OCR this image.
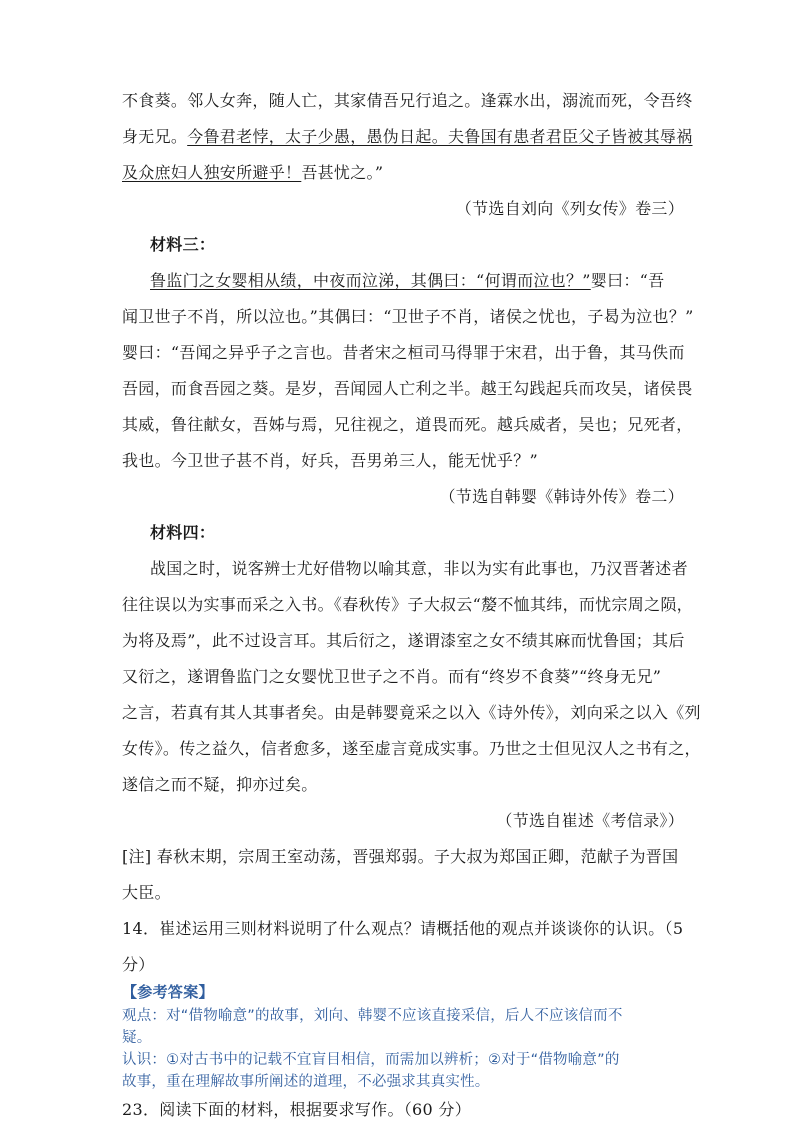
不食葵。邻人女奔，随人亡，其家倩吾兄行追之。逢霖水出，溺流而死，令吾终
身无兄。今鲁君老悖，太子少愚，愚伪日起。夫鲁国有患者君臣父子皆被其辱祸
及众庶妇人独安所避乎！吾甚忧之。”
（节选自刘向《列女传》卷三）
材料三：
鲁监门之女婴相从绩，中夜而泣涕，其偶曰：“何谓而泣也？”婴曰：“吾
闻卫世子不肖，所以泣也。”其偶曰：“卫世子不肖，诸侯之忧也，子曷为泣也？”
婴曰：“吾闻之异乎子之言也。昔者宋之桓司马得罪于宋君，出于鲁，其马佚而
吾园，而食吾园之葵。是岁，吾闻园人亡利之半。越王勾践起兵而攻吴，诸侯畏
其威，鲁往献女，吾姊与焉，兄往视之，道畏而死。越兵威者，吴也；兄死者，
我也。今卫世子甚不肖，好兵，吾男弟三人，能无忧乎？”
（节选自韩婴《韩诗外传》卷二）
材料四：
战国之时，说客辨士尤好借物以喻其意，非以为实有此事也，乃汉晋著述者
往往误以为实事而采之入书。《春秋传》子大叔云“嫠不恤其纬，而忧宗周之陨，
为将及焉”，此不过设言耳。其后衍之，遂谓漆室之女不绩其麻而忧鲁国；其后
又衍之，遂谓鲁监门之女婴忧卫世子之不肖。而有“终岁不食葵”“终身无兄”
之言，若真有其人其事者矣。由是韩婴竟采之以入《诗外传》，刘向采之以入《列
女传》。传之益久，信者愈多，遂至虚言竟成实事。乃世之士但见汉人之书有之，
遂信之而不疑，抑亦过矣。
（节选自崔述《考信录》）
[注] 春秋末期，宗周王室动荡，晋强郑弱。子大叔为郑国正卿，范献子为晋国
大臣。
14．崔述运用三则材料说明了什么观点？请概括他的观点并谈谈你的认识。（5
分）
【参考答案】
观点：对“借物喻意”的故事，刘向、韩婴不应该直接采信，后人不应该信而不
疑。
认识：①对古书中的记载不宜盲目相信，而需加以辨析；②对于“借物喻意”的
故事，重在理解故事所阐述的道理，不必强求其真实性。
23．阅读下面的材料，根据要求写作。（60 分）
